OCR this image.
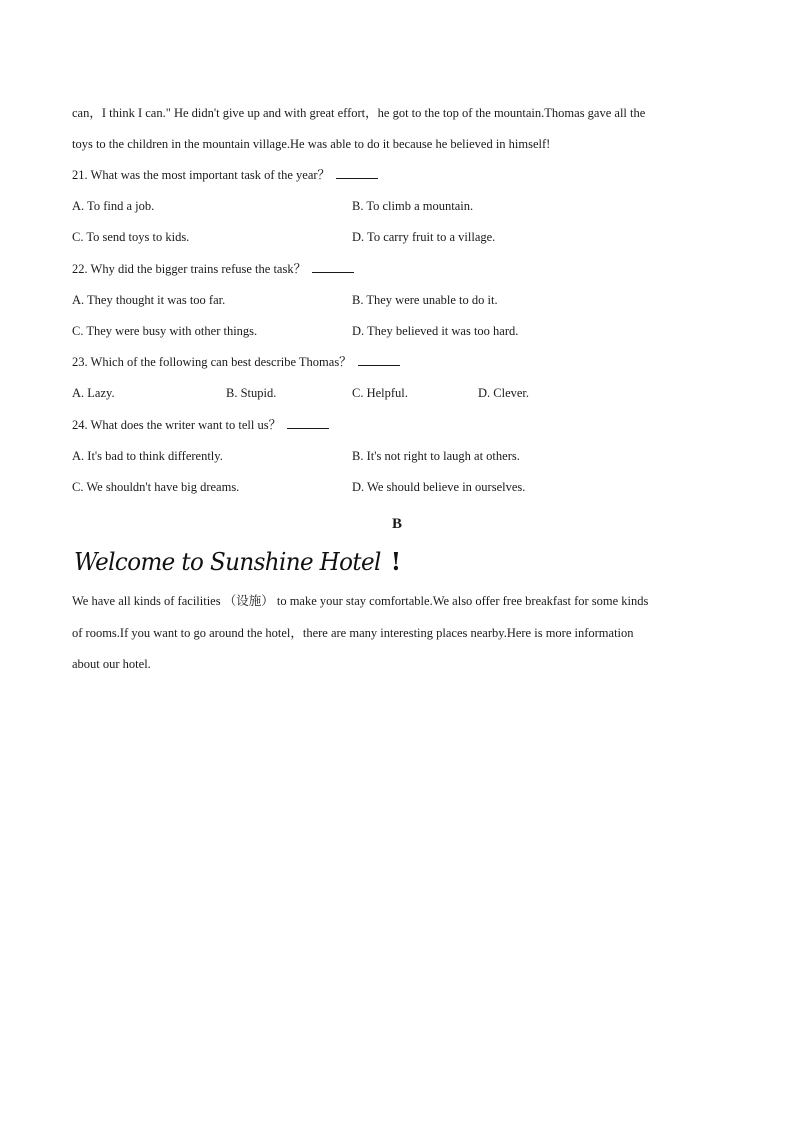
can，I think I can." He didn't give up and with great effort，he got to the top of the mountain.Thomas gave all the
toys to the children in the mountain village.He was able to do it because he believed in himself!
21. What was the most important task of the year？
A. To find a job.	B. To climb a mountain.
C. To send toys to kids.	D. To carry fruit to a village.
22. Why did the bigger trains refuse the task？
A. They thought it was too far.	B. They were unable to do it.
C. They were busy with other things.	D. They believed it was too hard.
23. Which of the following can best describe Thomas？
A. Lazy.	B. Stupid.	C. Helpful.	D. Clever.
24. What does the writer want to tell us？
A. It's bad to think differently.	B. It's not right to laugh at others.
C. We shouldn't have big dreams.	D. We should believe in ourselves.
B
Welcome to Sunshine Hotel !
We have all kinds of facilities （设施） to make your stay comfortable.We also offer free breakfast for some kinds
of rooms.If you want to go around the hotel，there are many interesting places nearby.Here is more information
about our hotel.
